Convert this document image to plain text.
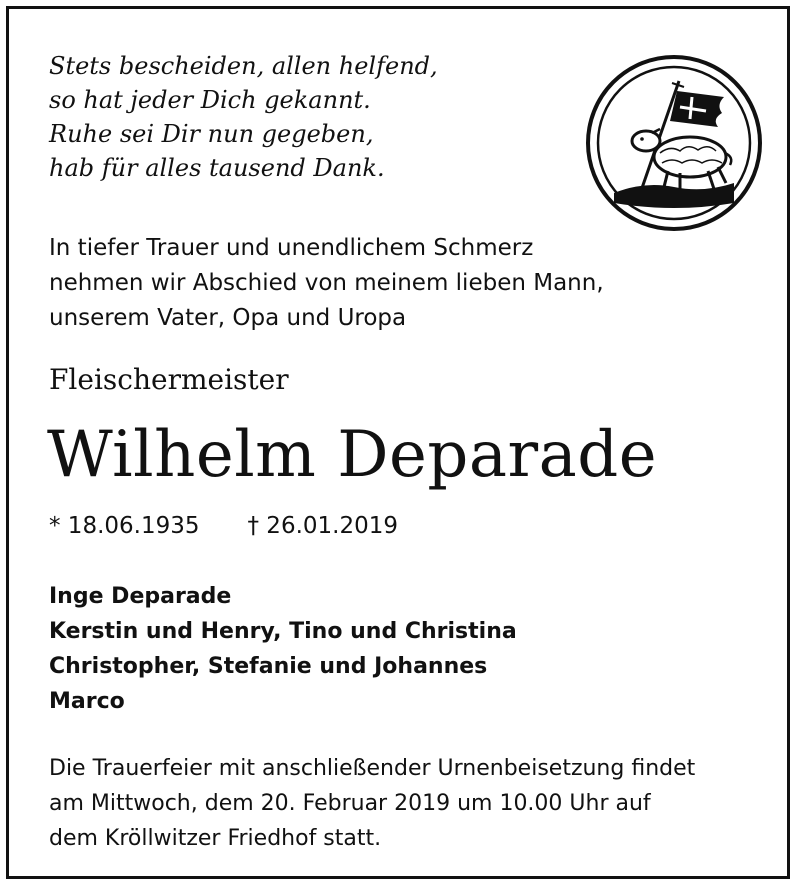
Stets bescheiden, allen helfend,
so hat jeder Dich gekannt.
Ruhe sei Dir nun gegeben,
hab für alles tausend Dank.
In tiefer Trauer und unendlichem Schmerz
nehmen wir Abschied von meinem lieben Mann,
unserem Vater, Opa und Uropa
Fleischermeister
Wilhelm Deparade
* 18.06.1935 † 26.01.2019
Inge Deparade
Kerstin und Henry, Tino und Christina
Christopher, Stefanie und Johannes
Marco
Die Trauerfeier mit anschließender Urnenbeisetzung findet
am Mittwoch, dem 20. Februar 2019 um 10.00 Uhr auf
dem Kröllwitzer Friedhof statt.
